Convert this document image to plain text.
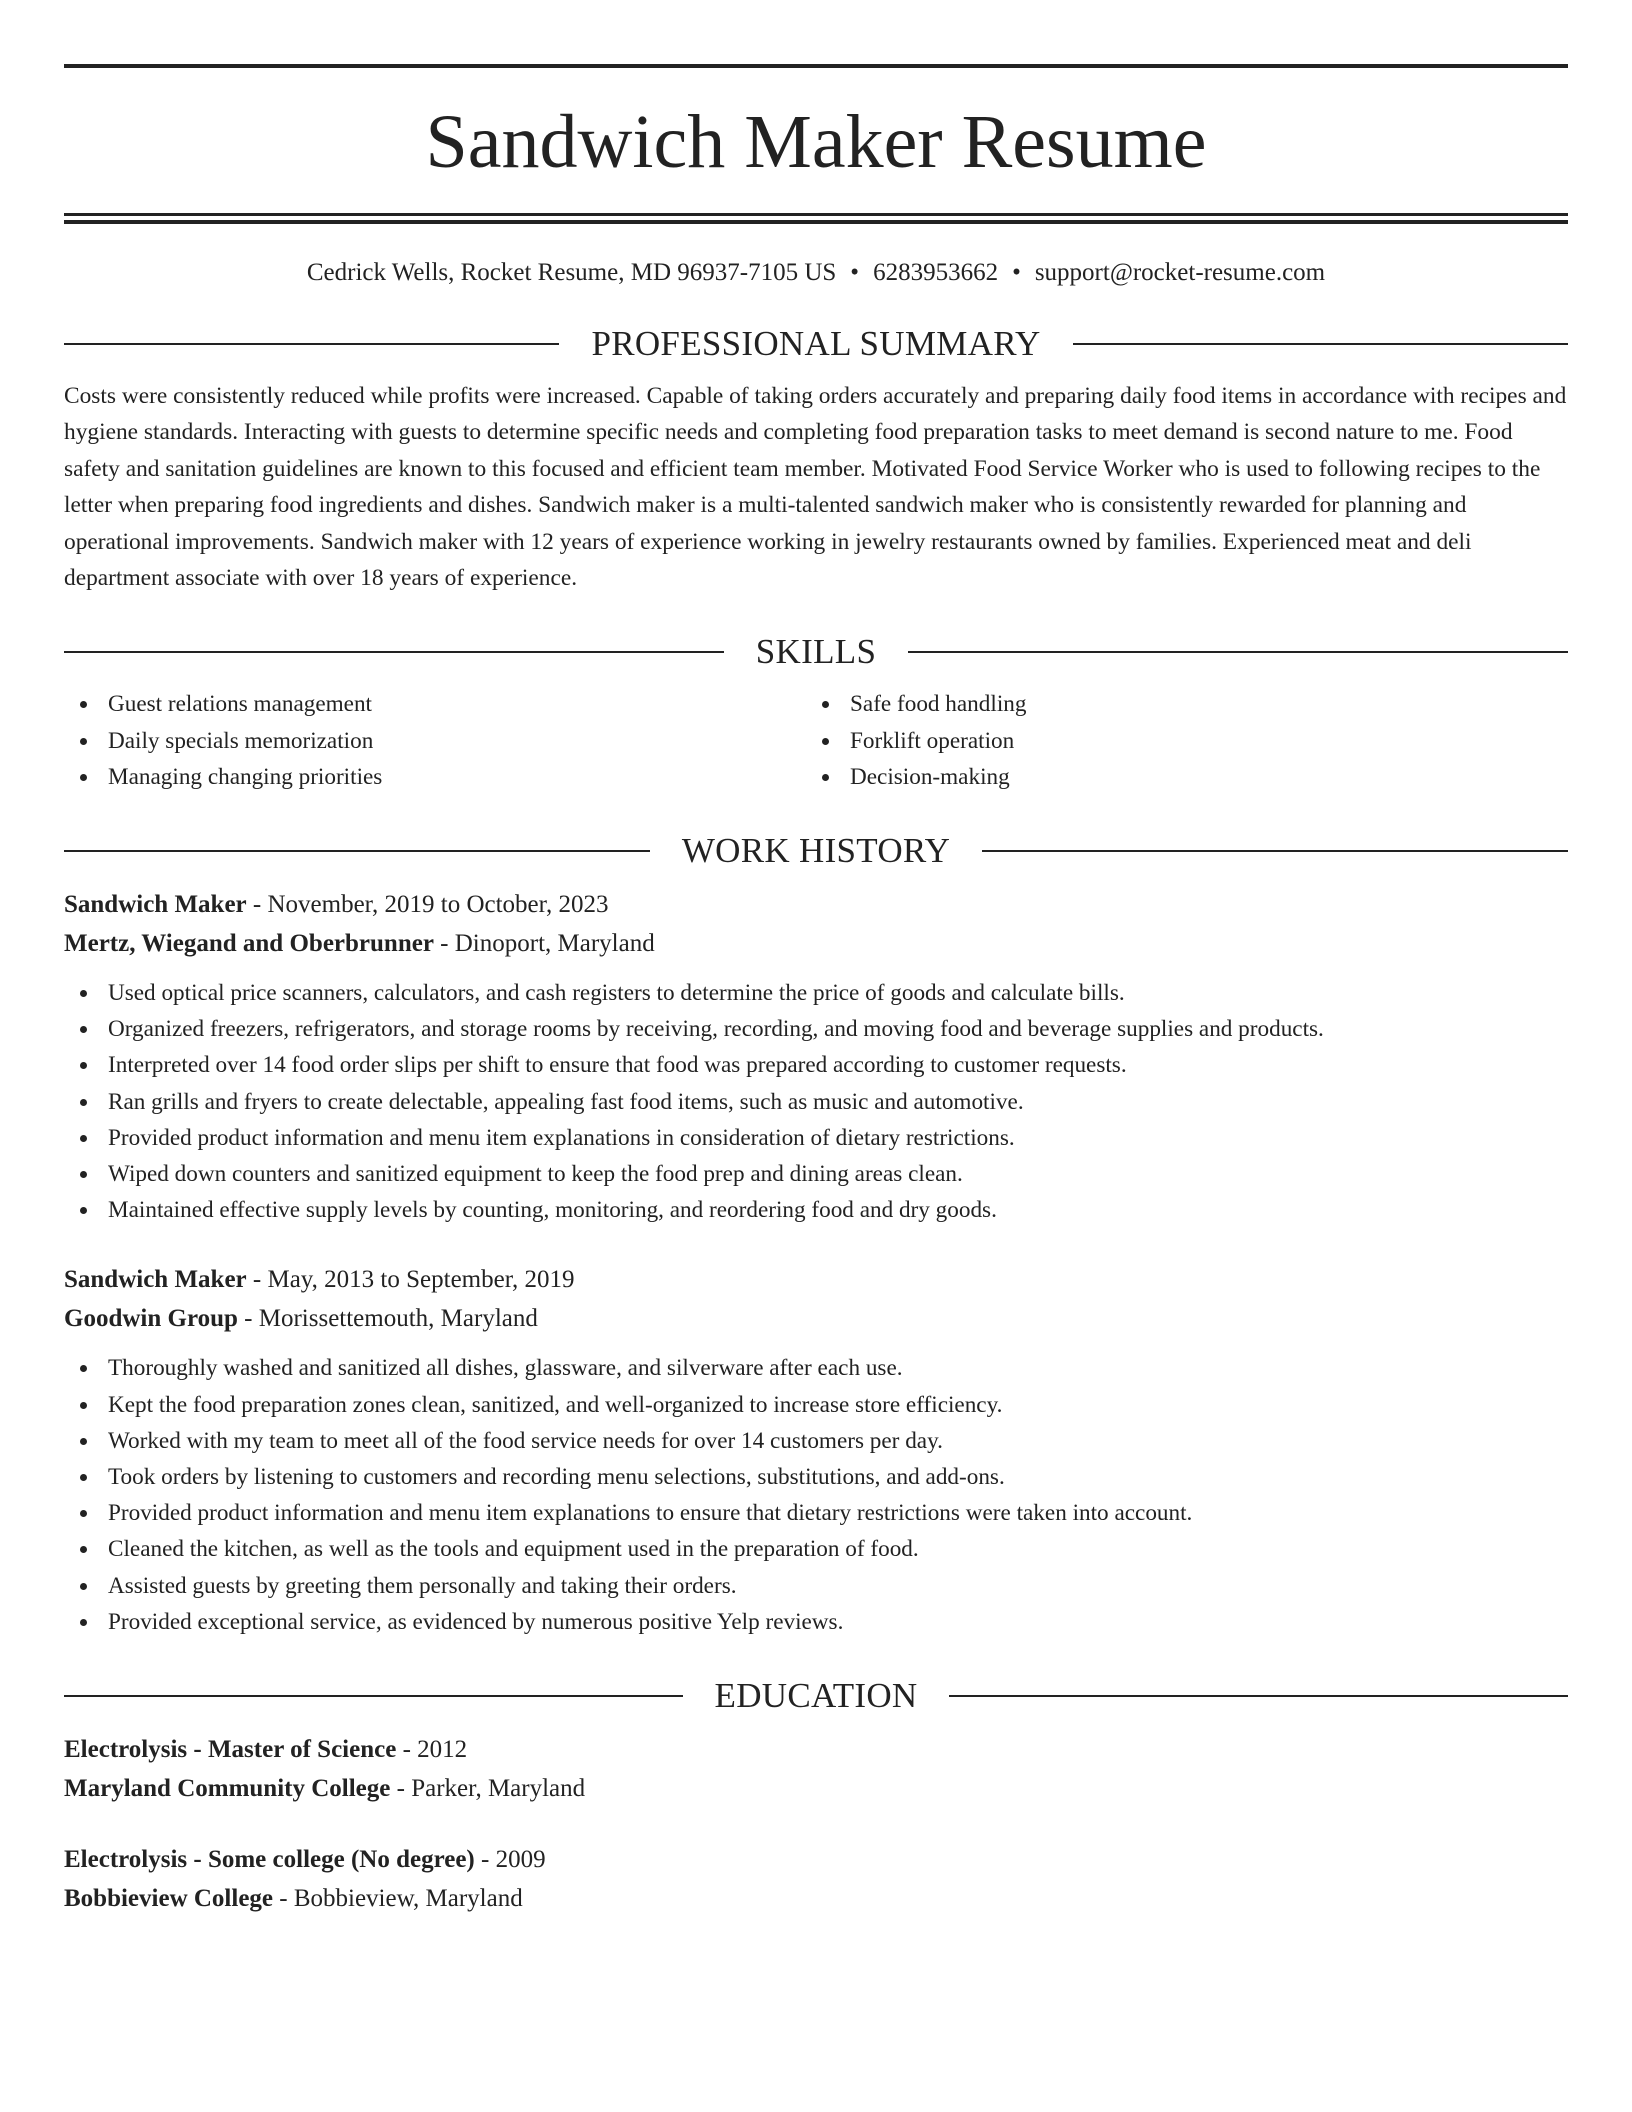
Sandwich Maker Resume
Cedrick Wells, Rocket Resume, MD 96937-7105 US • 6283953662 • support@rocket-resume.com
PROFESSIONAL SUMMARY

Costs were consistently reduced while profits were increased. Capable of taking orders accurately and preparing daily food items in accordance with recipes and hygiene standards. Interacting with guests to determine specific needs and completing food preparation tasks to meet demand is second nature to me. Food safety and sanitation guidelines are known to this focused and efficient team member. Motivated Food Service Worker who is used to following recipes to the letter when preparing food ingredients and dishes. Sandwich maker is a multi-talented sandwich maker who is consistently rewarded for planning and operational improvements. Sandwich maker with 12 years of experience working in jewelry restaurants owned by families. Experienced meat and deli department associate with over 18 years of experience.

SKILLS
Guest relations management
Daily specials memorization
Managing changing priorities
Safe food handling
Forklift operation
Decision-making
WORK HISTORY
Sandwich Maker - November, 2019 to October, 2023
Mertz, Wiegand and Oberbrunner - Dinoport, Maryland
Used optical price scanners, calculators, and cash registers to determine the price of goods and calculate bills.
Organized freezers, refrigerators, and storage rooms by receiving, recording, and moving food and beverage supplies and products.
Interpreted over 14 food order slips per shift to ensure that food was prepared according to customer requests.
Ran grills and fryers to create delectable, appealing fast food items, such as music and automotive.
Provided product information and menu item explanations in consideration of dietary restrictions.
Wiped down counters and sanitized equipment to keep the food prep and dining areas clean.
Maintained effective supply levels by counting, monitoring, and reordering food and dry goods.
Sandwich Maker - May, 2013 to September, 2019
Goodwin Group - Morissettemouth, Maryland
Thoroughly washed and sanitized all dishes, glassware, and silverware after each use.
Kept the food preparation zones clean, sanitized, and well-organized to increase store efficiency.
Worked with my team to meet all of the food service needs for over 14 customers per day.
Took orders by listening to customers and recording menu selections, substitutions, and add-ons.
Provided product information and menu item explanations to ensure that dietary restrictions were taken into account.
Cleaned the kitchen, as well as the tools and equipment used in the preparation of food.
Assisted guests by greeting them personally and taking their orders.
Provided exceptional service, as evidenced by numerous positive Yelp reviews.
EDUCATION
Electrolysis - Master of Science - 2012
Maryland Community College - Parker, Maryland
Electrolysis - Some college (No degree) - 2009
Bobbieview College - Bobbieview, Maryland
